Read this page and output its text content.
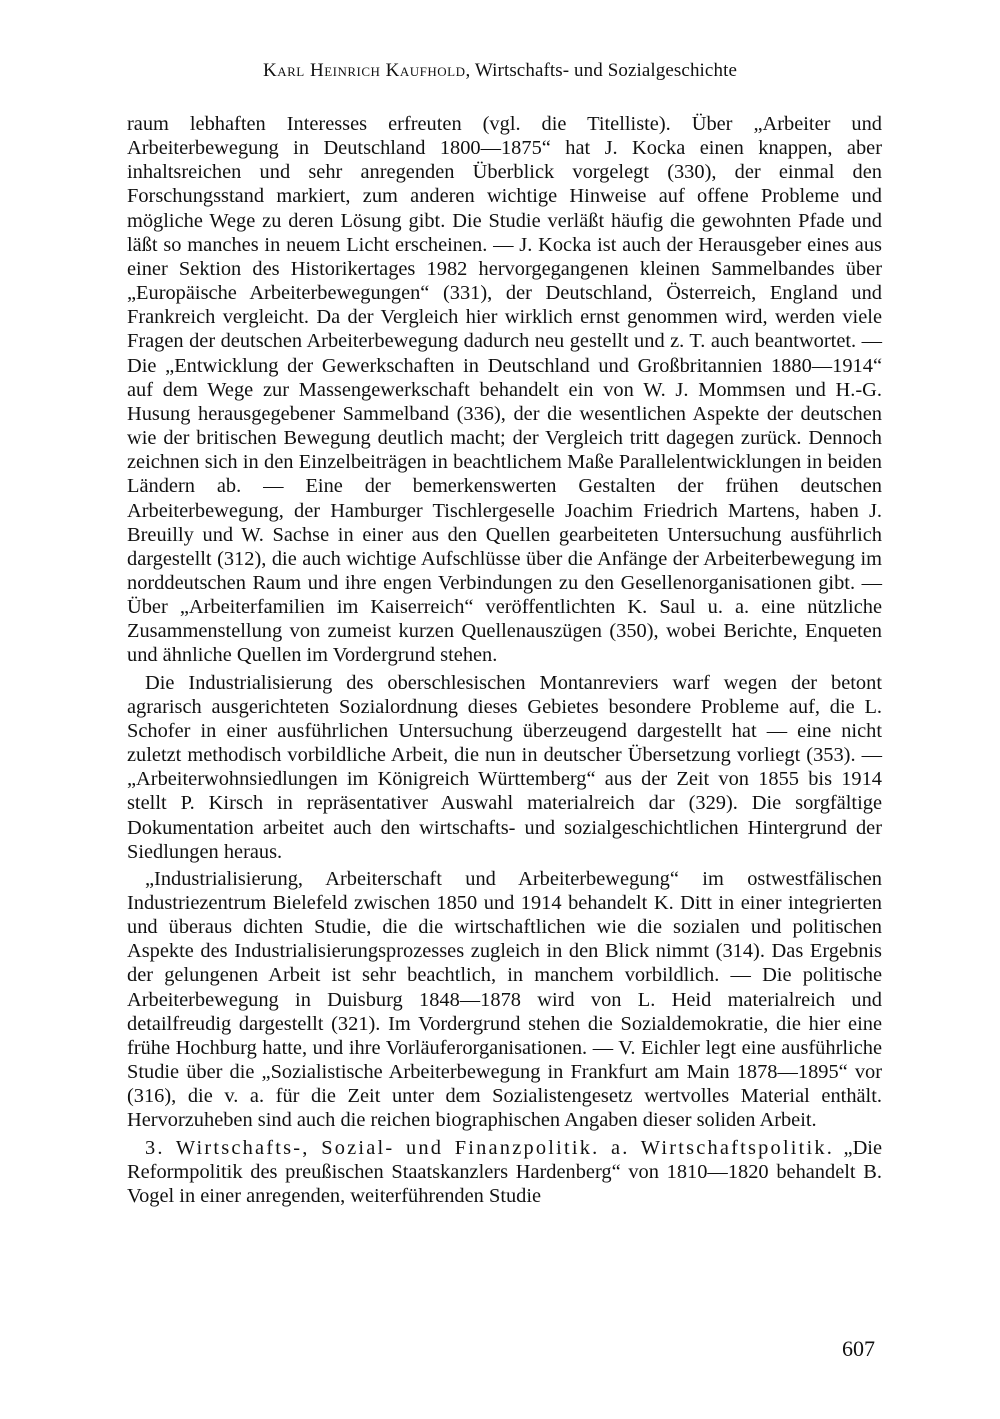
Karl Heinrich Kaufhold, Wirtschafts- und Sozialgeschichte

raum lebhaften Interesses erfreuten (vgl. die Titelliste). Über „Arbeiter und Arbeiterbewegung in Deutschland 1800—1875“ hat J. Kocka einen knappen, aber inhaltsreichen und sehr anregenden Überblick vorgelegt (330), der einmal den Forschungsstand markiert, zum anderen wichtige Hinweise auf offene Probleme und mögliche Wege zu deren Lösung gibt. Die Studie verläßt häufig die gewohnten Pfade und läßt so manches in neuem Licht erscheinen. — J. Kocka ist auch der Herausgeber eines aus einer Sektion des Historikertages 1982 hervorgegangenen kleinen Sammelbandes über „Europäische Arbeiterbewegungen“ (331), der Deutschland, Österreich, England und Frankreich vergleicht. Da der Vergleich hier wirklich ernst genommen wird, werden viele Fragen der deutschen Arbeiterbewegung dadurch neu gestellt und z. T. auch beantwortet. — Die „Entwicklung der Gewerkschaften in Deutschland und Großbritannien 1880—1914“ auf dem Wege zur Massengewerkschaft behandelt ein von W. J. Mommsen und H.-G. Husung herausgegebener Sammelband (336), der die wesentlichen Aspekte der deutschen wie der britischen Bewegung deutlich macht; der Vergleich tritt dagegen zurück. Dennoch zeichnen sich in den Einzelbeiträgen in beachtlichem Maße Parallelentwicklungen in beiden Ländern ab. — Eine der bemerkenswerten Gestalten der frühen deutschen Arbeiterbewegung, der Hamburger Tischlergeselle Joachim Friedrich Martens, haben J. Breuilly und W. Sachse in einer aus den Quellen gearbeiteten Untersuchung ausführlich dargestellt (312), die auch wichtige Aufschlüsse über die Anfänge der Arbeiterbewegung im norddeutschen Raum und ihre engen Verbindungen zu den Gesellenorganisationen gibt. — Über „Arbeiterfamilien im Kaiserreich“ veröffentlichten K. Saul u. a. eine nützliche Zusammenstellung von zumeist kurzen Quellenauszügen (350), wobei Berichte, Enqueten und ähnliche Quellen im Vordergrund stehen.

Die Industrialisierung des oberschlesischen Montanreviers warf wegen der betont agrarisch ausgerichteten Sozialordnung dieses Gebietes besondere Probleme auf, die L. Schofer in einer ausführlichen Untersuchung überzeugend dargestellt hat — eine nicht zuletzt methodisch vorbildliche Arbeit, die nun in deutscher Übersetzung vorliegt (353). — „Arbeiterwohnsiedlungen im Königreich Württemberg“ aus der Zeit von 1855 bis 1914 stellt P. Kirsch in repräsentativer Auswahl materialreich dar (329). Die sorgfältige Dokumentation arbeitet auch den wirtschafts- und sozialgeschichtlichen Hintergrund der Siedlungen heraus.

„Industrialisierung, Arbeiterschaft und Arbeiterbewegung“ im ostwestfälischen Industriezentrum Bielefeld zwischen 1850 und 1914 behandelt K. Ditt in einer integrierten und überaus dichten Studie, die die wirtschaftlichen wie die sozialen und politischen Aspekte des Industrialisierungsprozesses zugleich in den Blick nimmt (314). Das Ergebnis der gelungenen Arbeit ist sehr beachtlich, in manchem vorbildlich. — Die politische Arbeiterbewegung in Duisburg 1848—1878 wird von L. Heid materialreich und detailfreudig dargestellt (321). Im Vordergrund stehen die Sozialdemokratie, die hier eine frühe Hochburg hatte, und ihre Vorläuferorganisationen. — V. Eichler legt eine ausführliche Studie über die „Sozialistische Arbeiterbewegung in Frankfurt am Main 1878—1895“ vor (316), die v. a. für die Zeit unter dem Sozialistengesetz wertvolles Material enthält. Hervorzuheben sind auch die reichen biographischen Angaben dieser soliden Arbeit.

3. Wirtschafts-, Sozial- und Finanzpolitik. a. Wirtschaftspolitik. „Die Reformpolitik des preußischen Staatskanzlers Hardenberg“ von 1810—1820 behandelt B. Vogel in einer anregenden, weiterführenden Studie

607
